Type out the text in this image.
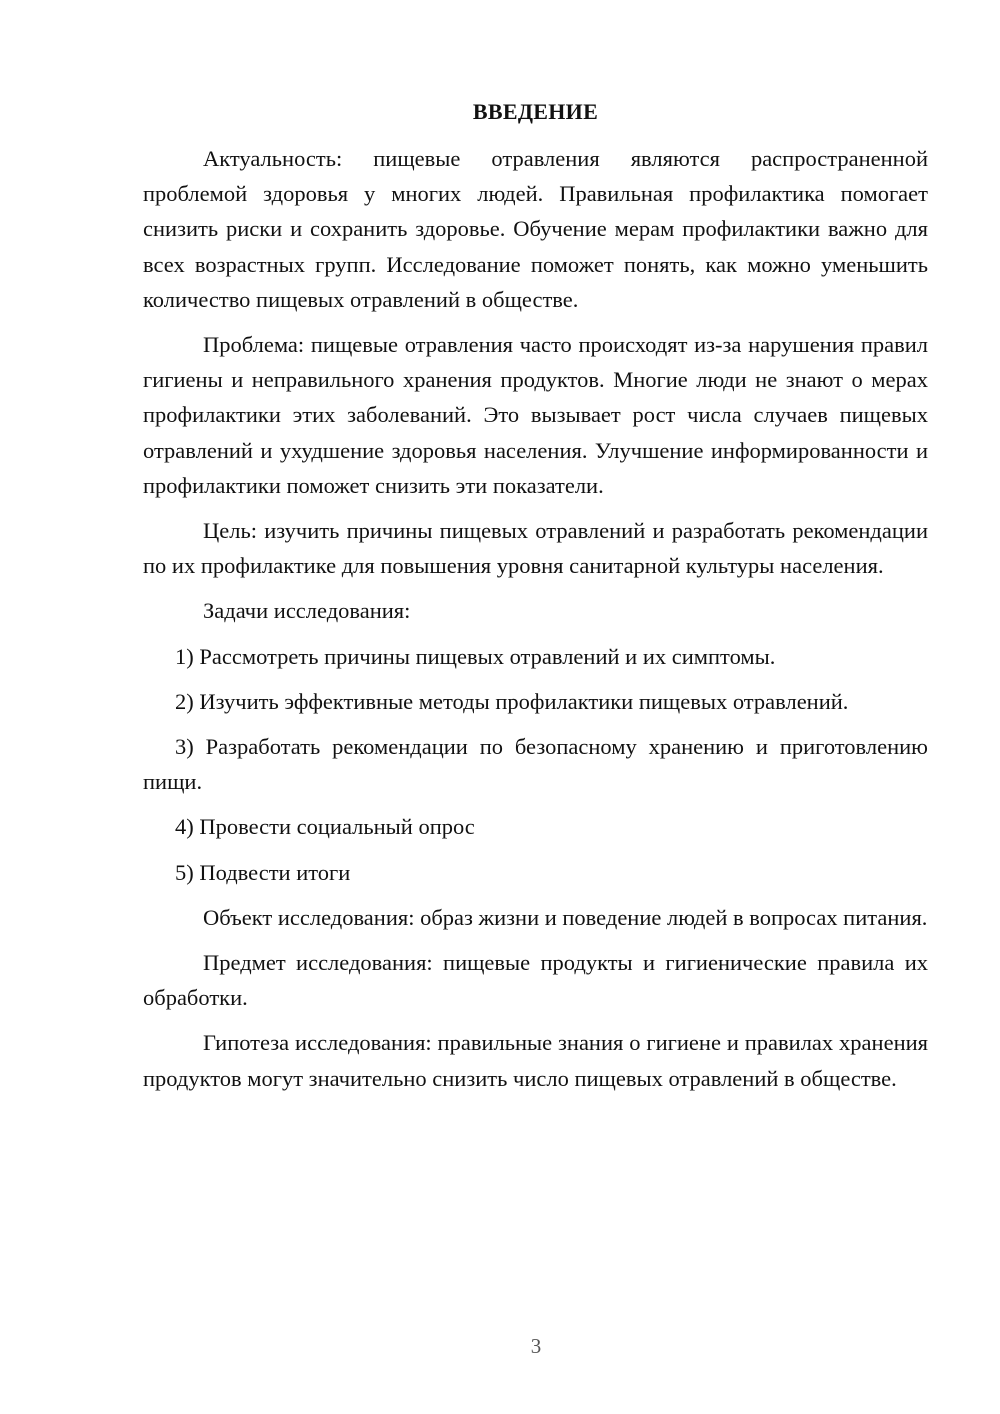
ВВЕДЕНИЕ

Актуальность: пищевые отравления являются распространенной проблемой здоровья у многих людей. Правильная профилактика помогает снизить риски и сохранить здоровье. Обучение мерам профилактики важно для всех возрастных групп. Исследование поможет понять, как можно уменьшить количество пищевых отравлений в обществе.

Проблема: пищевые отравления часто происходят из-за нарушения правил гигиены и неправильного хранения продуктов. Многие люди не знают о мерах профилактики этих заболеваний. Это вызывает рост числа случаев пищевых отравлений и ухудшение здоровья населения. Улучшение информированности и профилактики поможет снизить эти показатели.

Цель: изучить причины пищевых отравлений и разработать рекомендации по их профилактике для повышения уровня санитарной культуры населения.

Задачи исследования:

1) Рассмотреть причины пищевых отравлений и их симптомы.

2) Изучить эффективные методы профилактики пищевых отравлений.

3) Разработать рекомендации по безопасному хранению и приготовлению пищи.

4) Провести социальный опрос

5) Подвести итоги

Объект исследования: образ жизни и поведение людей в вопросах питания.

Предмет исследования: пищевые продукты и гигиенические правила их обработки.

Гипотеза исследования: правильные знания о гигиене и правилах хранения продуктов могут значительно снизить число пищевых отравлений в обществе.

3
